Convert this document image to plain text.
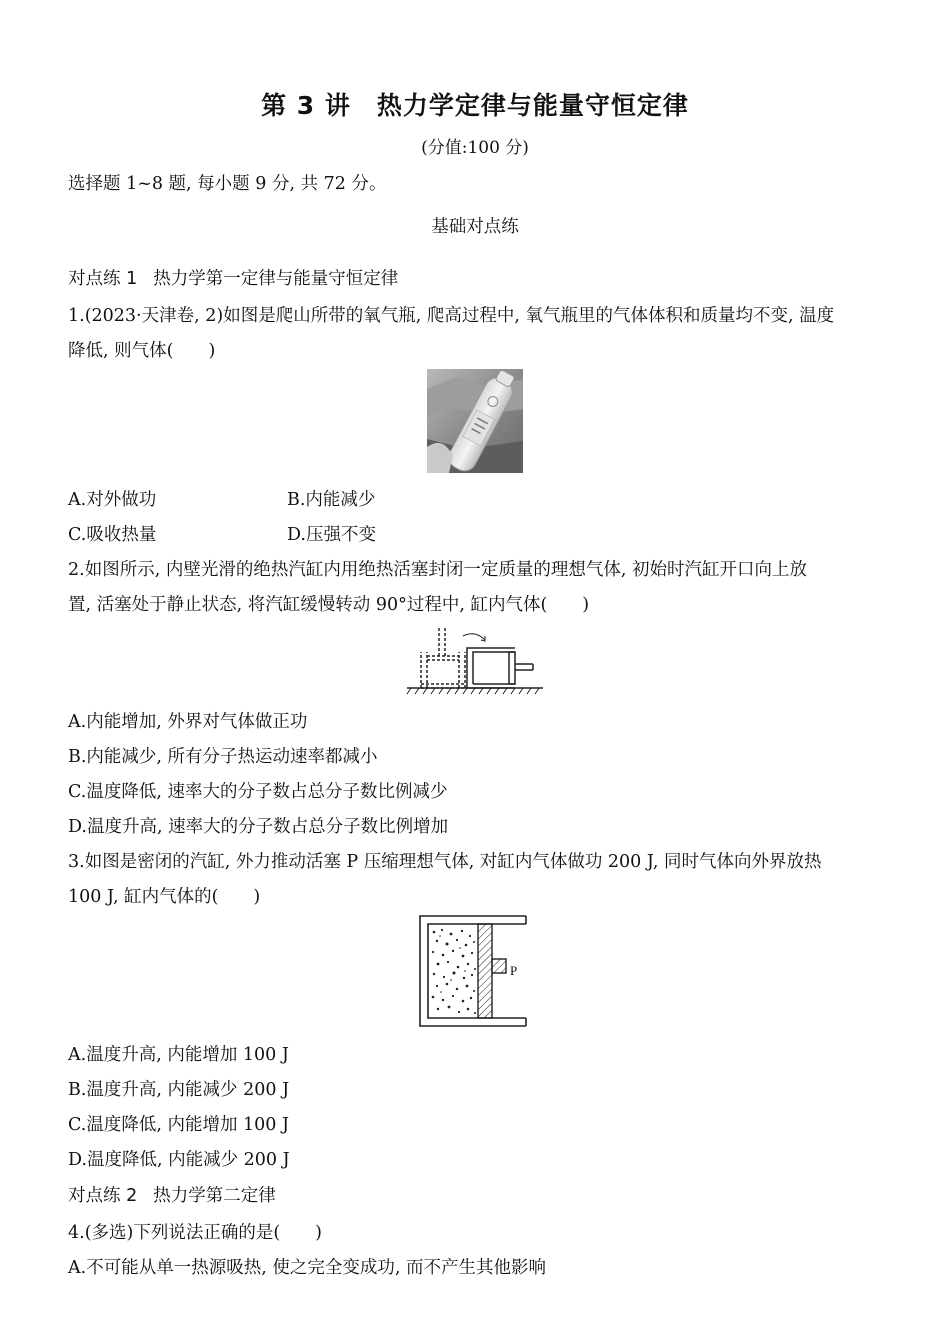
第 3 讲　热力学定律与能量守恒定律
(分值:100 分)
选择题 1~8 题, 每小题 9 分, 共 72 分。
基础对点练
对点练 1 热力学第一定律与能量守恒定律
1.(2023·天津卷, 2)如图是爬山所带的氧气瓶, 爬高过程中, 氧气瓶里的气体体积和质量均不变, 温度
降低, 则气体(　　)
A.对外做功	B.内能减少
C.吸收热量	D.压强不变
2.如图所示, 内壁光滑的绝热汽缸内用绝热活塞封闭一定质量的理想气体, 初始时汽缸开口向上放
置, 活塞处于静止状态, 将汽缸缓慢转动 90°过程中, 缸内气体(　　)
A.内能增加, 外界对气体做正功
B.内能减少, 所有分子热运动速率都减小
C.温度降低, 速率大的分子数占总分子数比例减少
D.温度升高, 速率大的分子数占总分子数比例增加
3.如图是密闭的汽缸, 外力推动活塞 P 压缩理想气体, 对缸内气体做功 200 J, 同时气体向外界放热
100 J, 缸内气体的(　　)
P
A.温度升高, 内能增加 100 J
B.温度升高, 内能减少 200 J
C.温度降低, 内能增加 100 J
D.温度降低, 内能减少 200 J
对点练 2 热力学第二定律
4.(多选)下列说法正确的是(　　)
A.不可能从单一热源吸热, 使之完全变成功, 而不产生其他影响
